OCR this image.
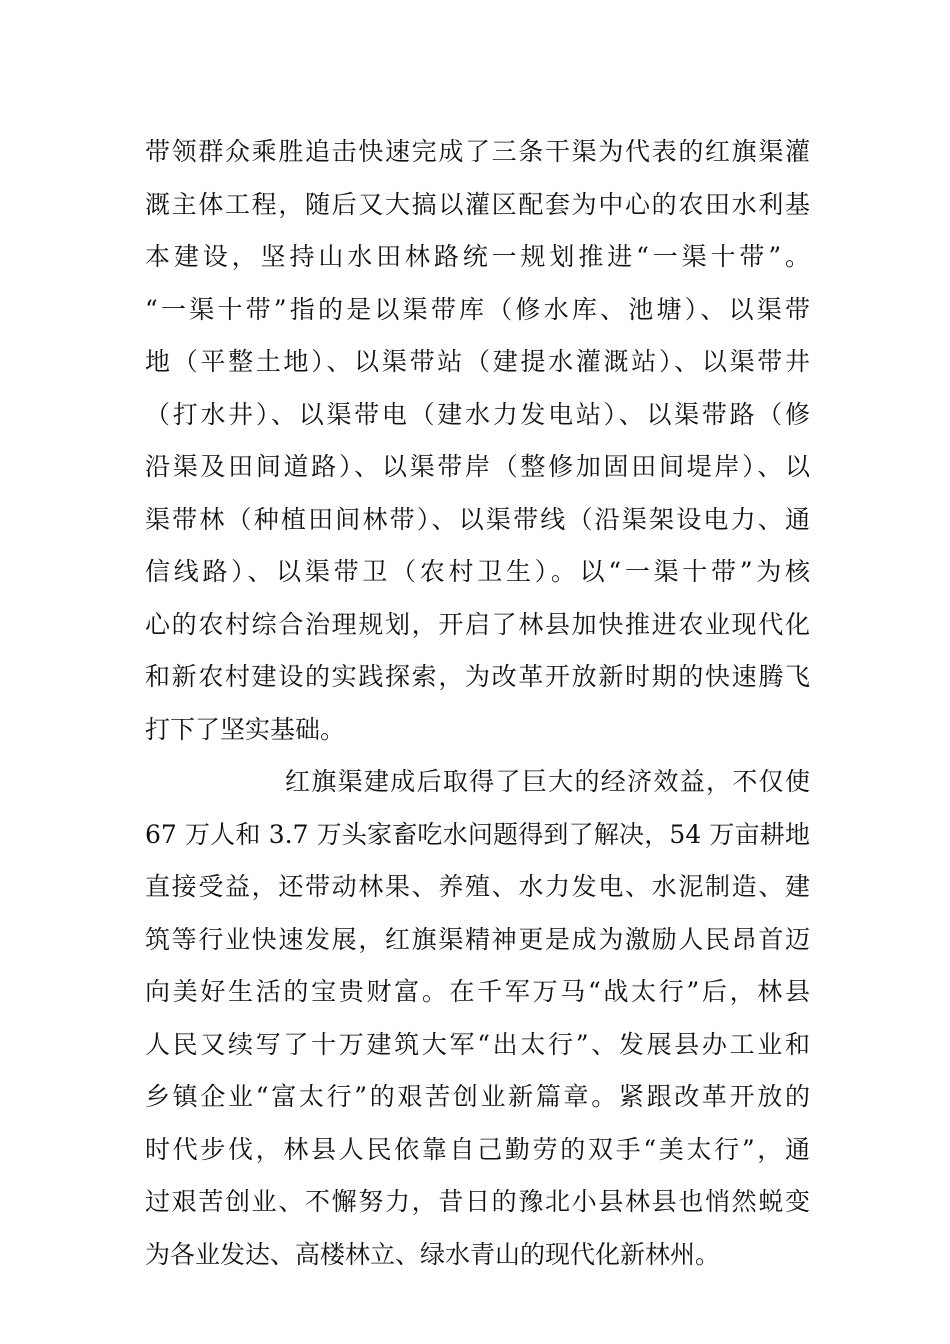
带领群众乘胜追击快速完成了三条干渠为代表的红旗渠灌
溉主体工程，随后又大搞以灌区配套为中心的农田水利基
本建设，坚持山水田林路统一规划推进“一渠十带”。
“一渠十带”指的是以渠带库（修水库、池塘）、以渠带
地（平整土地）、以渠带站（建提水灌溉站）、以渠带井
（打水井）、以渠带电（建水力发电站）、以渠带路（修
沿渠及田间道路）、以渠带岸（整修加固田间堤岸）、以
渠带林（种植田间林带）、以渠带线（沿渠架设电力、通
信线路）、以渠带卫（农村卫生）。以“一渠十带”为核
心的农村综合治理规划，开启了林县加快推进农业现代化
和新农村建设的实践探索，为改革开放新时期的快速腾飞
打下了坚实基础。
红旗渠建成后取得了巨大的经济效益，不仅使
67 万人和 3.7 万头家畜吃水问题得到了解决，54 万亩耕地
直接受益，还带动林果、养殖、水力发电、水泥制造、建
筑等行业快速发展，红旗渠精神更是成为激励人民昂首迈
向美好生活的宝贵财富。在千军万马“战太行”后，林县
人民又续写了十万建筑大军“出太行”、发展县办工业和
乡镇企业“富太行”的艰苦创业新篇章。紧跟改革开放的
时代步伐，林县人民依靠自己勤劳的双手“美太行”，通
过艰苦创业、不懈努力，昔日的豫北小县林县也悄然蜕变
为各业发达、高楼林立、绿水青山的现代化新林州。
